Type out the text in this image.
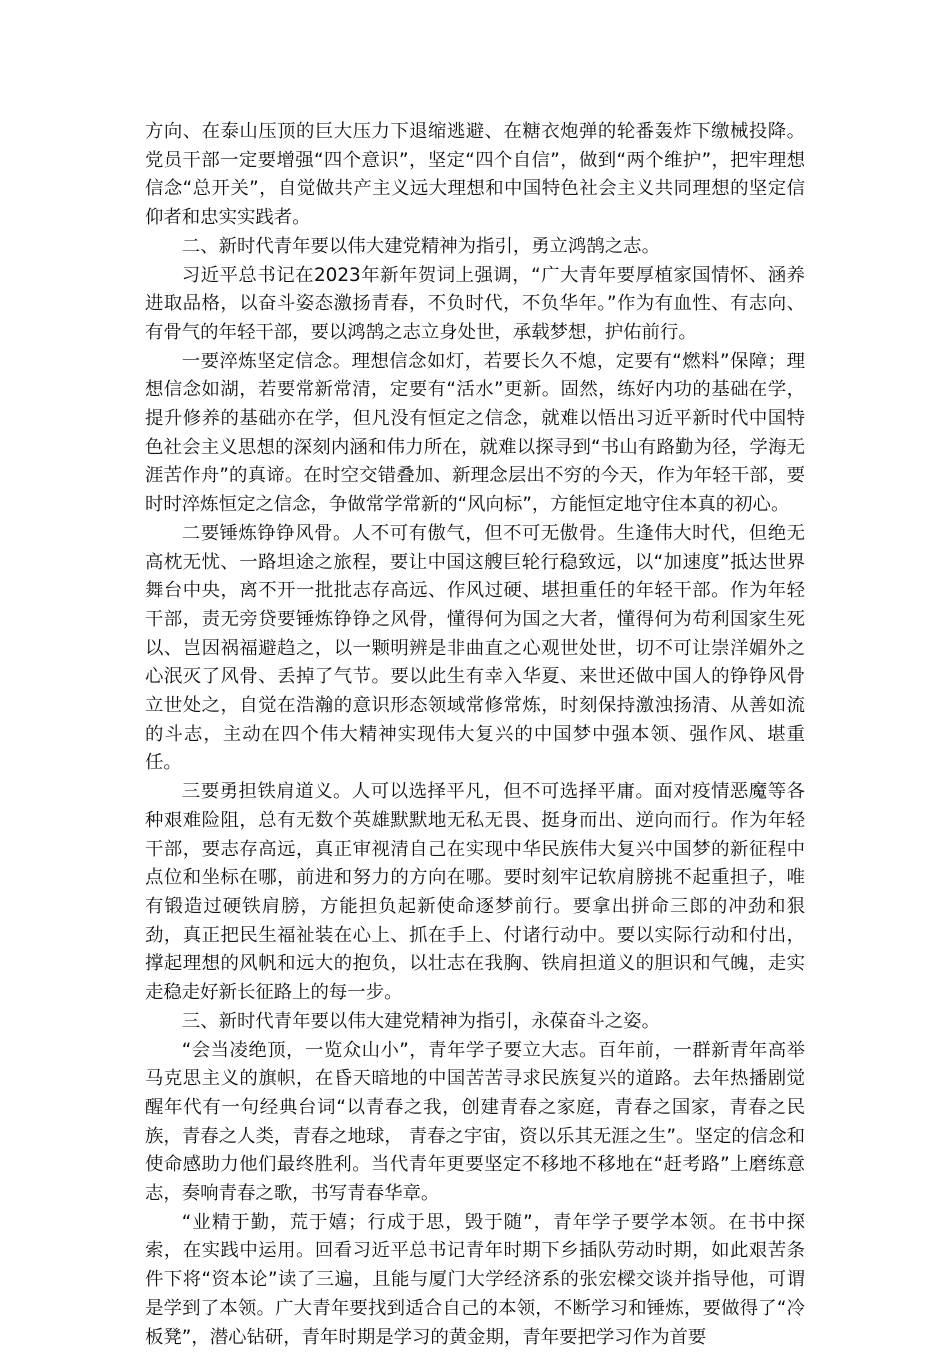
方向、在泰山压顶的巨大压力下退缩逃避、在糖衣炮弹的轮番轰炸下缴械投降。党员干部一定要增强“四个意识”，坚定“四个自信”，做到“两个维护”，把牢理想信念“总开关”，自觉做共产主义远大理想和中国特色社会主义共同理想的坚定信仰者和忠实实践者。

二、新时代青年要以伟大建党精神为指引，勇立鸿鹄之志。

习近平总书记在2023年新年贺词上强调，“广大青年要厚植家国情怀、涵养进取品格，以奋斗姿态激扬青春，不负时代，不负华年。”作为有血性、有志向、有骨气的年轻干部，要以鸿鹄之志立身处世，承载梦想，护佑前行。

一要淬炼坚定信念。理想信念如灯，若要长久不熄，定要有“燃料”保障；理想信念如湖，若要常新常清，定要有“活水”更新。固然，练好内功的基础在学，提升修养的基础亦在学，但凡没有恒定之信念，就难以悟出习近平新时代中国特色社会主义思想的深刻内涵和伟力所在，就难以探寻到“书山有路勤为径，学海无涯苦作舟”的真谛。在时空交错叠加、新理念层出不穷的今天，作为年轻干部，要时时淬炼恒定之信念，争做常学常新的“风向标”，方能恒定地守住本真的初心。

二要锤炼铮铮风骨。人不可有傲气，但不可无傲骨。生逢伟大时代，但绝无高枕无忧、一路坦途之旅程，要让中国这艘巨轮行稳致远，以“加速度”抵达世界舞台中央，离不开一批批志存高远、作风过硬、堪担重任的年轻干部。作为年轻干部，责无旁贷要锤炼铮铮之风骨，懂得何为国之大者，懂得何为苟利国家生死以、岂因祸福避趋之，以一颗明辨是非曲直之心观世处世，切不可让崇洋媚外之心泯灭了风骨、丢掉了气节。要以此生有幸入华夏、来世还做中国人的铮铮风骨立世处之，自觉在浩瀚的意识形态领域常修常炼，时刻保持激浊扬清、从善如流的斗志，主动在四个伟大精神实现伟大复兴的中国梦中强本领、强作风、堪重任。

三要勇担铁肩道义。人可以选择平凡，但不可选择平庸。面对疫情恶魔等各种艰难险阻，总有无数个英雄默默地无私无畏、挺身而出、逆向而行。作为年轻干部，要志存高远，真正审视清自己在实现中华民族伟大复兴中国梦的新征程中点位和坐标在哪，前进和努力的方向在哪。要时刻牢记软肩膀挑不起重担子，唯有锻造过硬铁肩膀，方能担负起新使命逐梦前行。要拿出拼命三郎的冲劲和狠劲，真正把民生福祉装在心上、抓在手上、付诸行动中。要以实际行动和付出，撑起理想的风帆和远大的抱负，以壮志在我胸、铁肩担道义的胆识和气魄，走实走稳走好新长征路上的每一步。

三、新时代青年要以伟大建党精神为指引，永葆奋斗之姿。

“会当凌绝顶，一览众山小”，青年学子要立大志。百年前，一群新青年高举马克思主义的旗帜，在昏天暗地的中国苦苦寻求民族复兴的道路。去年热播剧觉醒年代有一句经典台词“以青春之我，创建青春之家庭，青春之国家，青春之民族，青春之人类，青春之地球， 青春之宇宙，资以乐其无涯之生”。坚定的信念和使命感助力他们最终胜利。当代青年更要坚定不移地不移地在“赶考路”上磨练意志，奏响青春之歌，书写青春华章。

“业精于勤，荒于嬉；行成于思，毁于随”，青年学子要学本领。在书中探索，在实践中运用。回看习近平总书记青年时期下乡插队劳动时期，如此艰苦条件下将“资本论”读了三遍，且能与厦门大学经济系的张宏樑交谈并指导他，可谓是学到了本领。广大青年要找到适合自己的本领，不断学习和锤炼，要做得了“冷板凳”，潜心钻研，青年时期是学习的黄金期，青年要把学习作为首要
